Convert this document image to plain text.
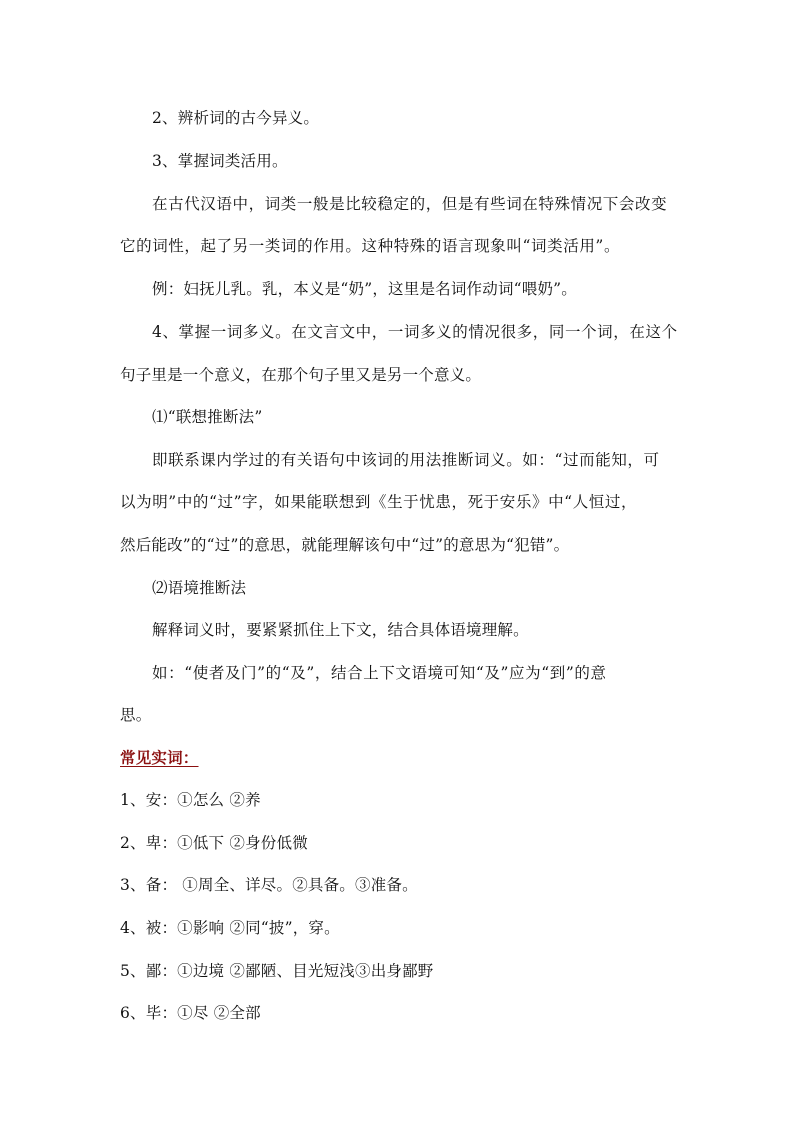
2、辨析词的古今异义。
3、掌握词类活用。
在古代汉语中，词类一般是比较稳定的，但是有些词在特殊情况下会改变
它的词性，起了另一类词的作用。这种特殊的语言现象叫“词类活用”。
例：妇抚儿乳。乳，本义是“奶”，这里是名词作动词“喂奶”。
4、掌握一词多义。在文言文中，一词多义的情况很多，同一个词，在这个
句子里是一个意义，在那个句子里又是另一个意义。
⑴“联想推断法”
即联系课内学过的有关语句中该词的用法推断词义。如：“过而能知，可
以为明”中的“过”字，如果能联想到《生于忧患，死于安乐》中“人恒过，
然后能改”的“过”的意思，就能理解该句中“过”的意思为“犯错”。
⑵语境推断法
解释词义时，要紧紧抓住上下文，结合具体语境理解。
如：“使者及门”的“及”，结合上下文语境可知“及”应为“到”的意
思。
常见实词：
1、安：①怎么 ②养
2、卑：①低下 ②身份低微
3、备： ①周全、详尽。②具备。③准备。
4、被：①影响 ②同“披”，穿。
5、鄙：①边境 ②鄙陋、目光短浅③出身鄙野
6、毕：①尽 ②全部
